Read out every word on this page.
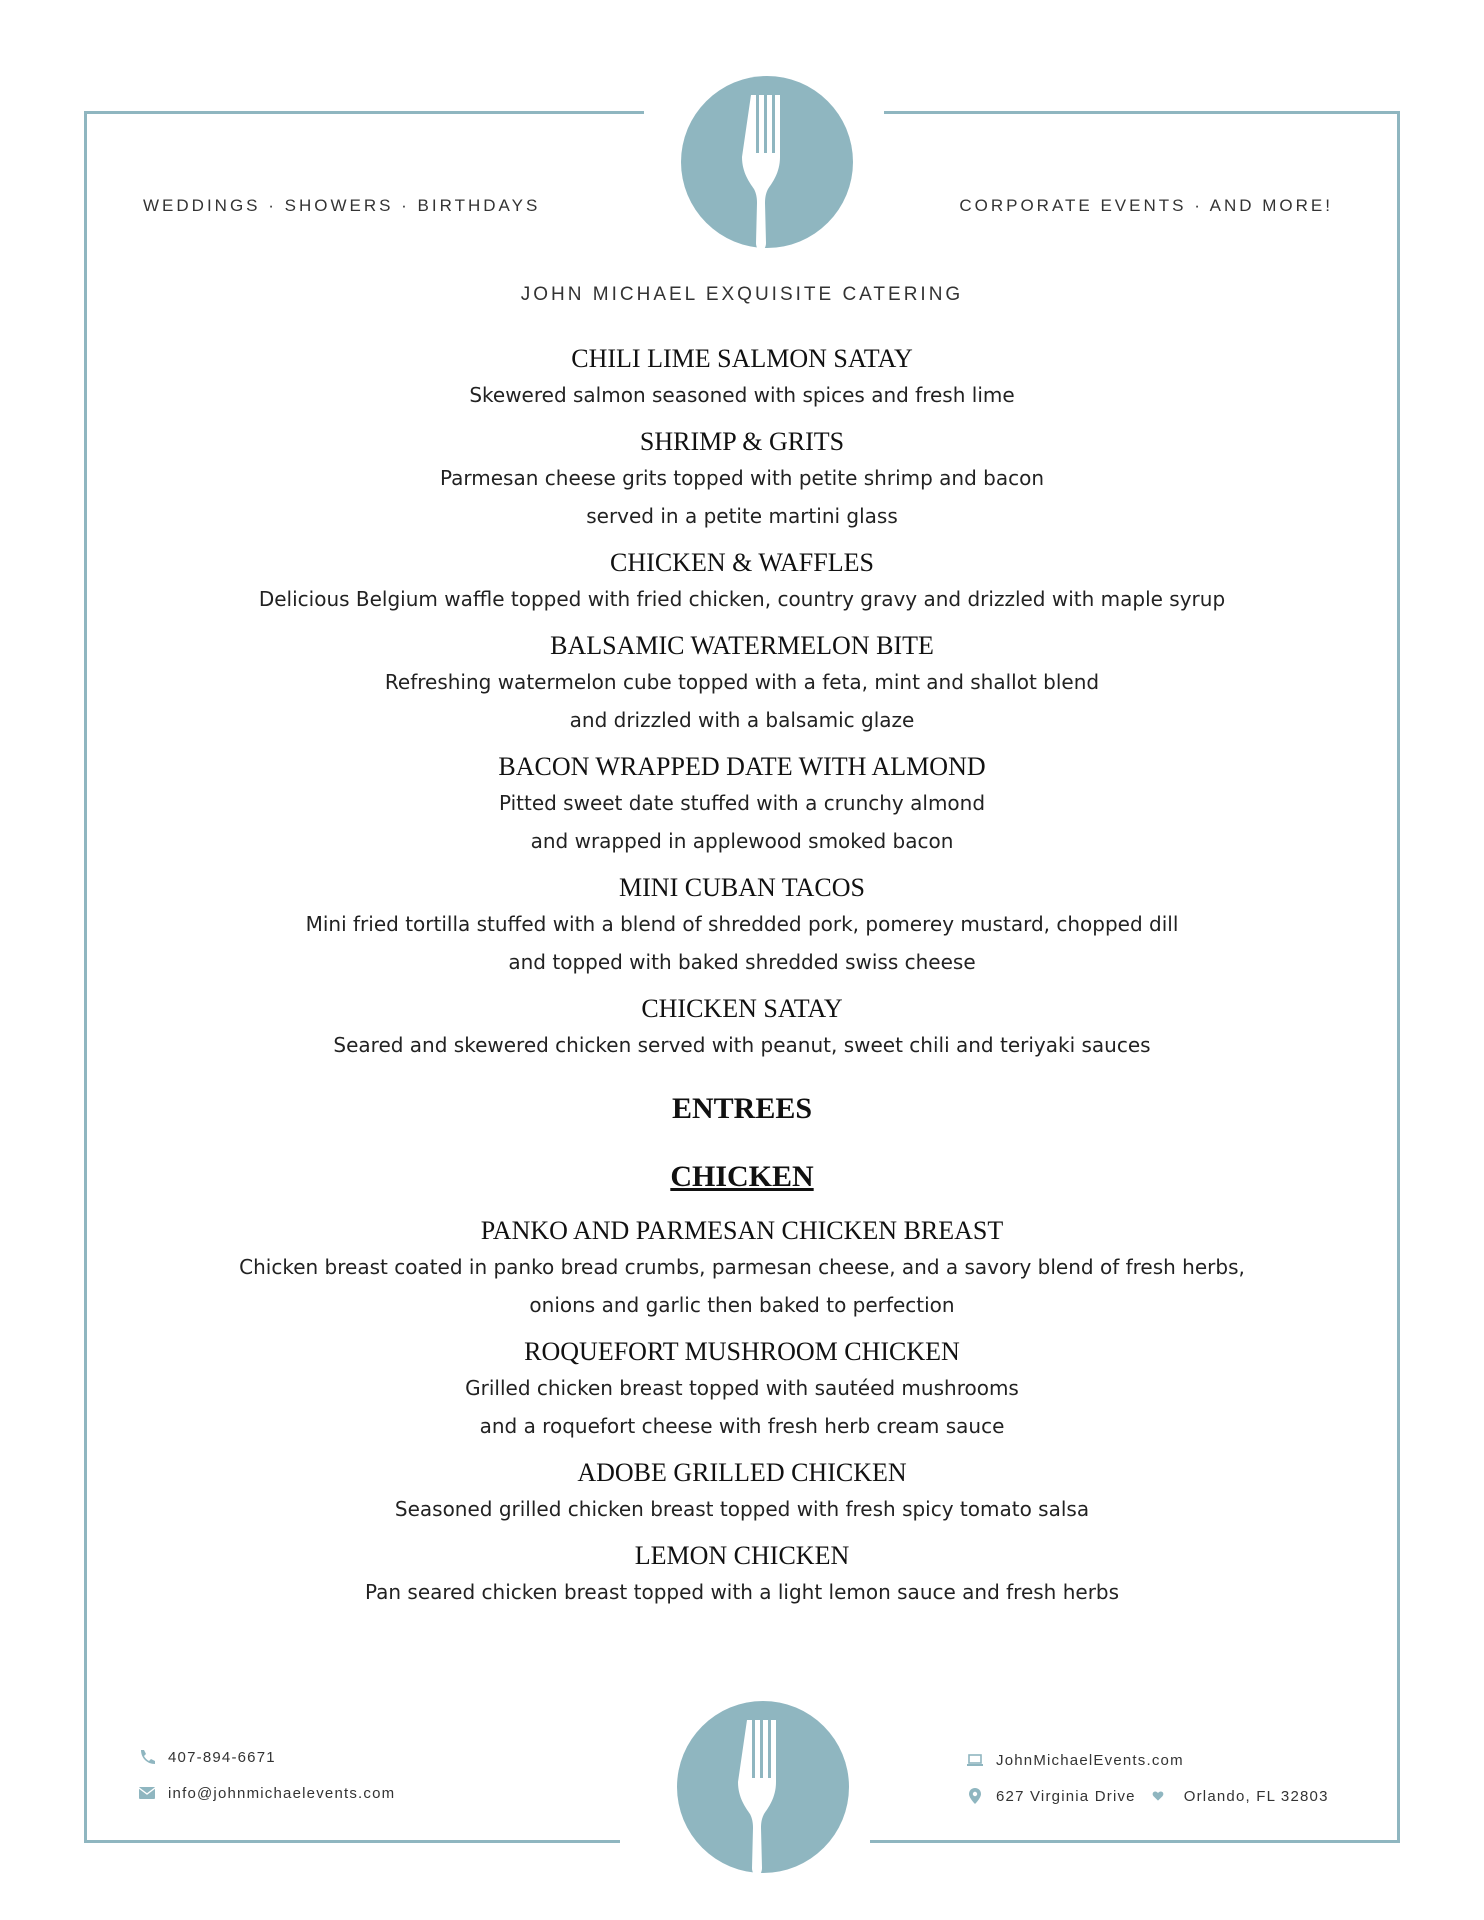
WEDDINGS · SHOWERS · BIRTHDAYS	CORPORATE EVENTS · AND MORE!
JOHN MICHAEL EXQUISITE CATERING
CHILI LIME SALMON SATAY
Skewered salmon seasoned with spices and fresh lime
SHRIMP & GRITS
Parmesan cheese grits topped with petite shrimp and bacon
served in a petite martini glass
CHICKEN & WAFFLES
Delicious Belgium waffle topped with fried chicken, country gravy and drizzled with maple syrup
BALSAMIC WATERMELON BITE
Refreshing watermelon cube topped with a feta, mint and shallot blend
and drizzled with a balsamic glaze
BACON WRAPPED DATE WITH ALMOND
Pitted sweet date stuffed with a crunchy almond
and wrapped in applewood smoked bacon
MINI CUBAN TACOS
Mini fried tortilla stuffed with a blend of shredded pork, pomerey mustard, chopped dill
and topped with baked shredded swiss cheese
CHICKEN SATAY
Seared and skewered chicken served with peanut, sweet chili and teriyaki sauces
ENTREES
CHICKEN
PANKO AND PARMESAN CHICKEN BREAST
Chicken breast coated in panko bread crumbs, parmesan cheese, and a savory blend of fresh herbs,
onions and garlic then baked to perfection
ROQUEFORT MUSHROOM CHICKEN
Grilled chicken breast topped with sautéed mushrooms
and a roquefort cheese with fresh herb cream sauce
ADOBE GRILLED CHICKEN
Seasoned grilled chicken breast topped with fresh spicy tomato salsa
LEMON CHICKEN
Pan seared chicken breast topped with a light lemon sauce and fresh herbs
407-894-6671
info@johnmichaelevents.com
JohnMichaelEvents.com
627 Virginia Drive	Orlando, FL 32803
